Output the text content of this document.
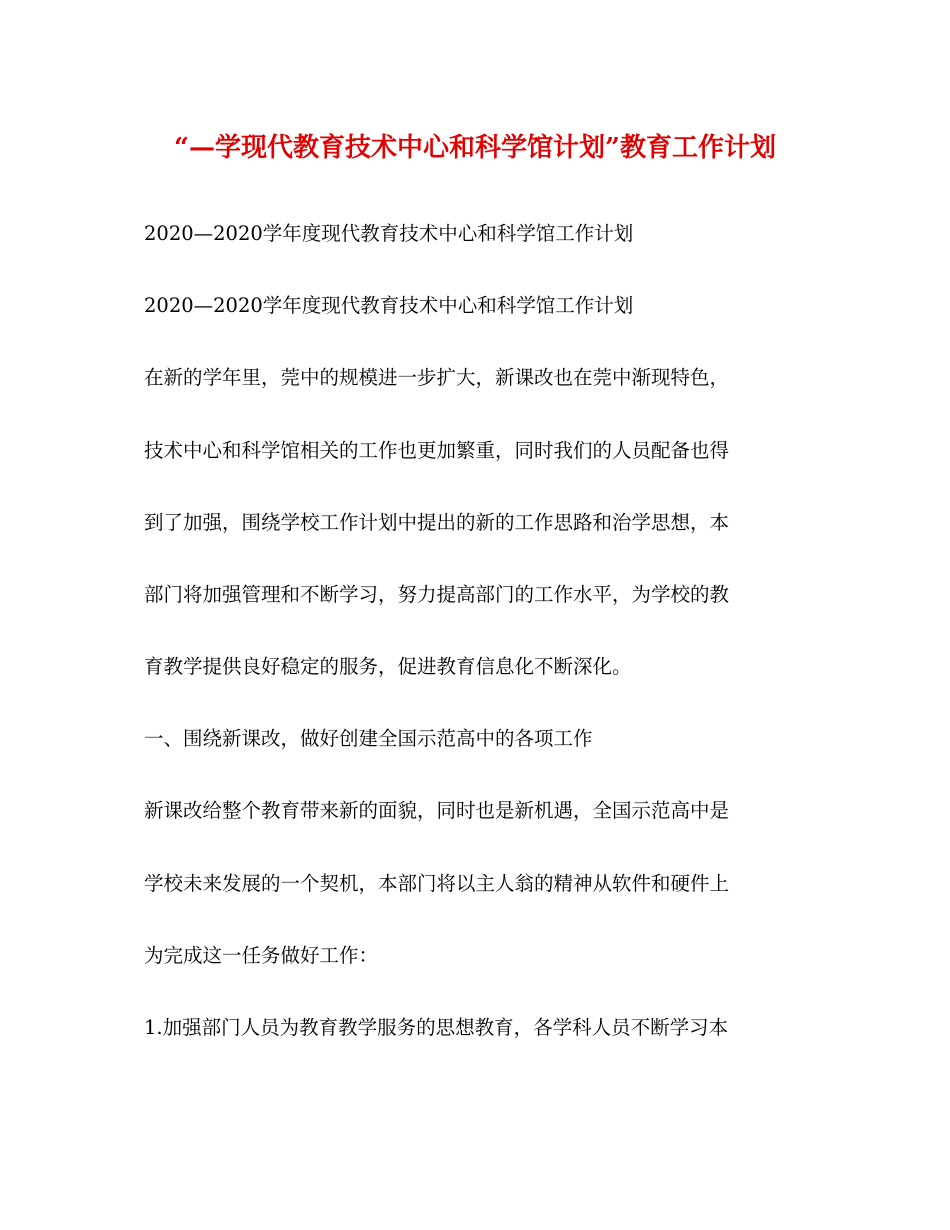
“—学现代教育技术中心和科学馆计划”教育工作计划
2020—2020学年度现代教育技术中心和科学馆工作计划
2020—2020学年度现代教育技术中心和科学馆工作计划
在新的学年里，莞中的规模进一步扩大，新课改也在莞中渐现特色，
技术中心和科学馆相关的工作也更加繁重，同时我们的人员配备也得
到了加强，围绕学校工作计划中提出的新的工作思路和治学思想，本
部门将加强管理和不断学习，努力提高部门的工作水平，为学校的教
育教学提供良好稳定的服务，促进教育信息化不断深化。
一、围绕新课改，做好创建全国示范高中的各项工作
新课改给整个教育带来新的面貌，同时也是新机遇，全国示范高中是
学校未来发展的一个契机，本部门将以主人翁的精神从软件和硬件上
为完成这一任务做好工作：
1.加强部门人员为教育教学服务的思想教育，各学科人员不断学习本
